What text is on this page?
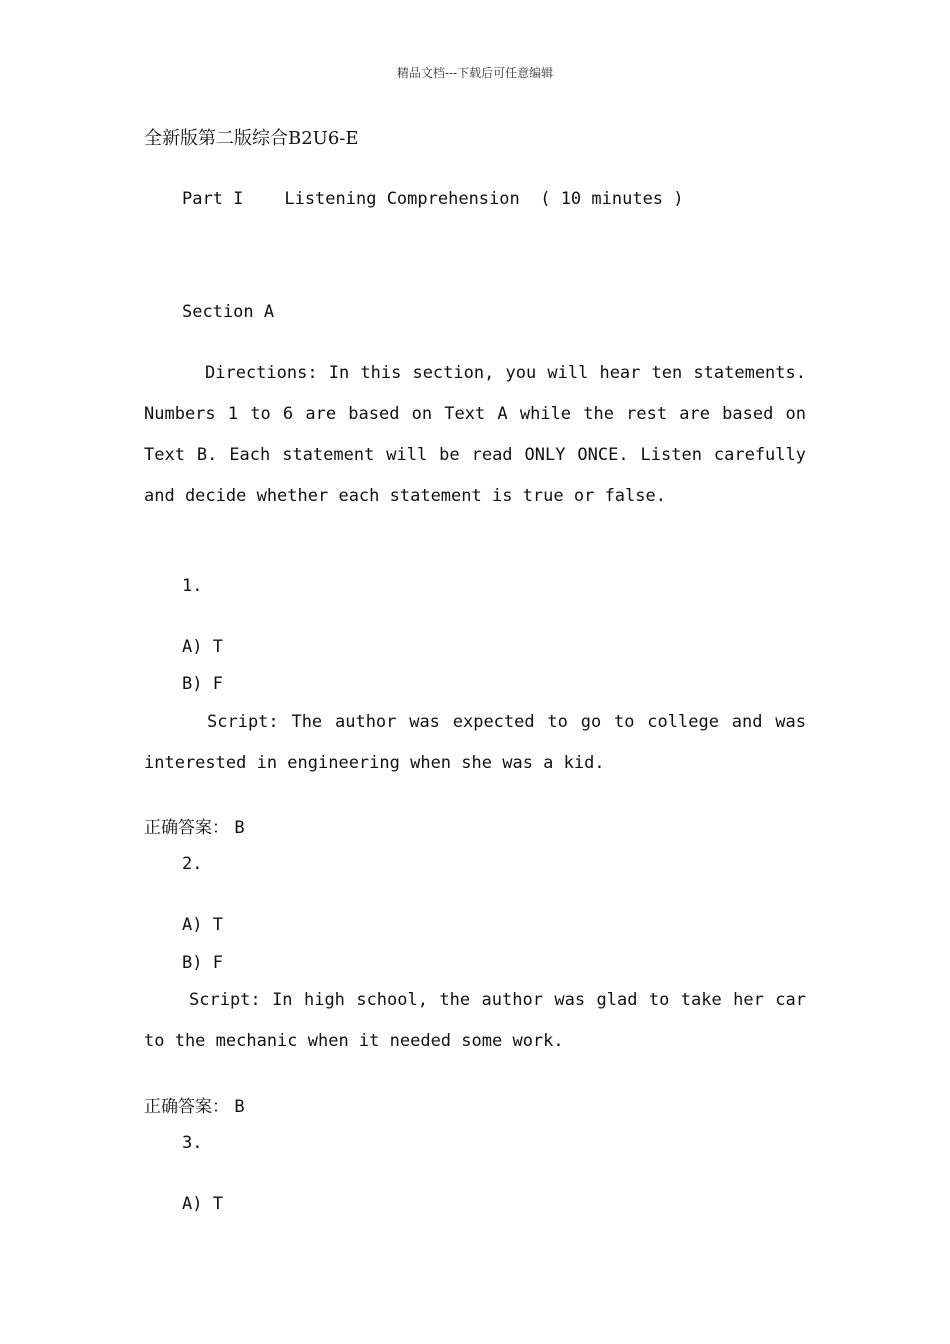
精品文档---下载后可任意编辑
全新版第二版综合B2U6-E
Part I    Listening Comprehension  ( 10 minutes )
Section A
Directions: In this section, you will hear ten statements. Numbers 1 to 6 are based on Text A while the rest are based on Text B. Each statement will be read ONLY ONCE. Listen carefully and decide whether each statement is true or false.
1.
A) T
B) F
Script: The author was expected to go to college and was interested in engineering when she was a kid.
正确答案： B
2.
A) T
B) F
Script: In high school, the author was glad to take her car to the mechanic when it needed some work.
正确答案： B
3.
A) T
